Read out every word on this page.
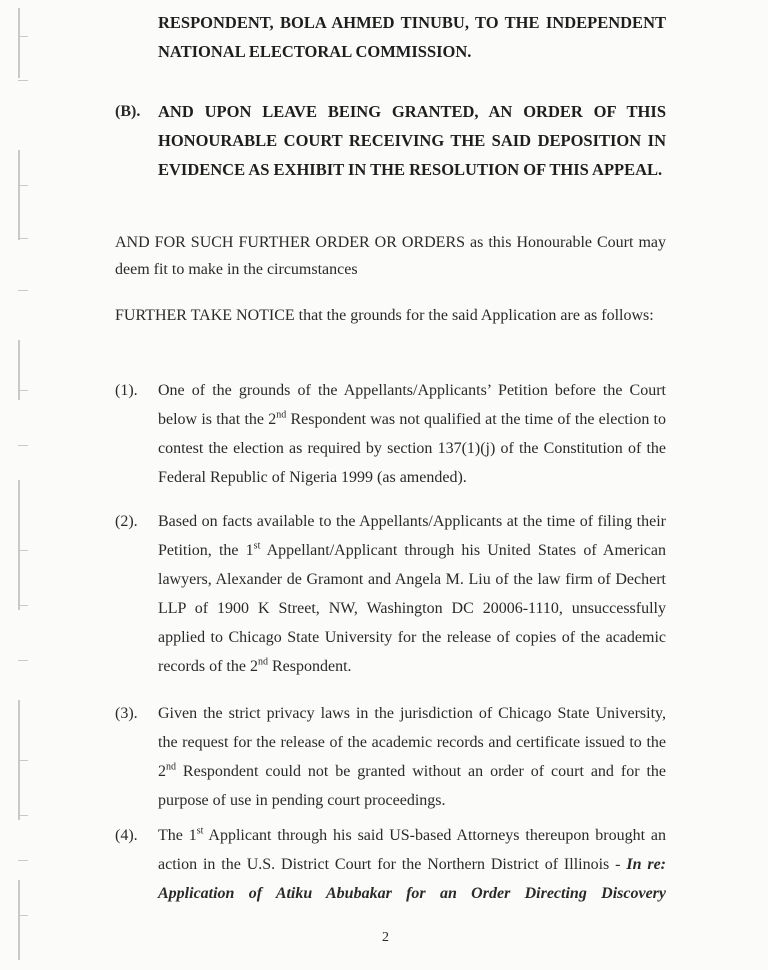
RESPONDENT, BOLA AHMED TINUBU, TO THE INDEPENDENT NATIONAL ELECTORAL COMMISSION.

(B). AND UPON LEAVE BEING GRANTED, AN ORDER OF THIS HONOURABLE COURT RECEIVING THE SAID DEPOSITION IN EVIDENCE AS EXHIBIT IN THE RESOLUTION OF THIS APPEAL.

AND FOR SUCH FURTHER ORDER OR ORDERS as this Honourable Court may deem fit to make in the circumstances

FURTHER TAKE NOTICE that the grounds for the said Application are as follows:

(1). One of the grounds of the Appellants/Applicants’ Petition before the Court below is that the 2nd Respondent was not qualified at the time of the election to contest the election as required by section 137(1)(j) of the Constitution of the Federal Republic of Nigeria 1999 (as amended).

(2). Based on facts available to the Appellants/Applicants at the time of filing their Petition, the 1st Appellant/Applicant through his United States of American lawyers, Alexander de Gramont and Angela M. Liu of the law firm of Dechert LLP of 1900 K Street, NW, Washington DC 20006-1110, unsuccessfully applied to Chicago State University for the release of copies of the academic records of the 2nd Respondent.

(3). Given the strict privacy laws in the jurisdiction of Chicago State University, the request for the release of the academic records and certificate issued to the 2nd Respondent could not be granted without an order of court and for the purpose of use in pending court proceedings.

(4). The 1st Applicant through his said US-based Attorneys thereupon brought an action in the U.S. District Court for the Northern District of Illinois - In re: Application of Atiku Abubakar for an Order Directing Discovery

2
